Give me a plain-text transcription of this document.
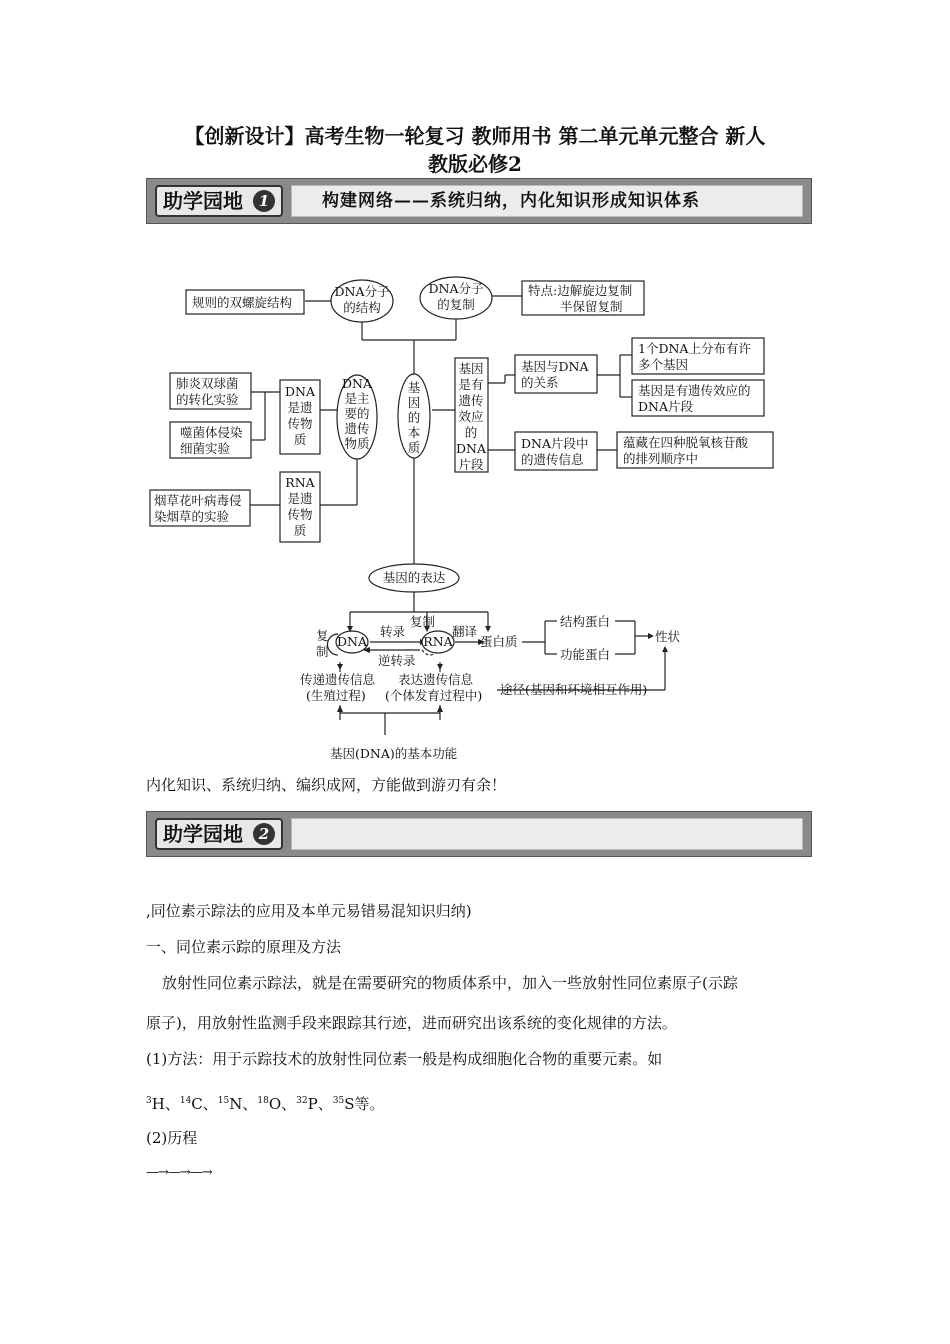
【创新设计】高考生物一轮复习 教师用书 第二单元单元整合 新人
教版必修2
助学园地	1	构建网络——系统归纳，内化知识形成知识体系
规则的双螺旋结构
DNA分子
的结构
DNA分子
的复制
特点:边解旋边复制
半保留复制
肺炎双球菌
的转化实验
噬菌体侵染
细菌实验
烟草花叶病毒侵
染烟草的实验
DNA
是遗
传物
质
RNA
是遗
传物
质
DNA
是主
要的
遗传
物质
基
因
的
本
质
基因
是有
遗传
效应
的
DNA
片段
基因与DNA
的关系
1个DNA上分布有许
多个基因
基因是有遗传效应的
DNA片段
DNA片段中
的遗传信息
蕴藏在四种脱氧核苷酸
的排列顺序中
基因的表达
复
制
DNA	RNA
转录
逆转录
复制
翻译
蛋白质
结构蛋白
功能蛋白
性状
传递遗传信息
(生殖过程)
表达遗传信息
(个体发育过程中) 途径(基因和环境相互作用)
基因(DNA)的基本功能
内化知识、系统归纳、编织成网，方能做到游刃有余！
助学园地	2
,同位素示踪法的应用及本单元易错易混知识归纳)
一、同位素示踪的原理及方法
放射性同位素示踪法，就是在需要研究的物质体系中，加入一些放射性同位素原子(示踪
原子)，用放射性监测手段来跟踪其行迹，进而研究出该系统的变化规律的方法。
(1)方法：用于示踪技术的放射性同位素一般是构成细胞化合物的重要元素。如
$^3$H、$^{14}$C、$^{15}$N、$^{18}$O、$^{32}$P、$^{35}$S等。
(2)历程
—→—→—→
